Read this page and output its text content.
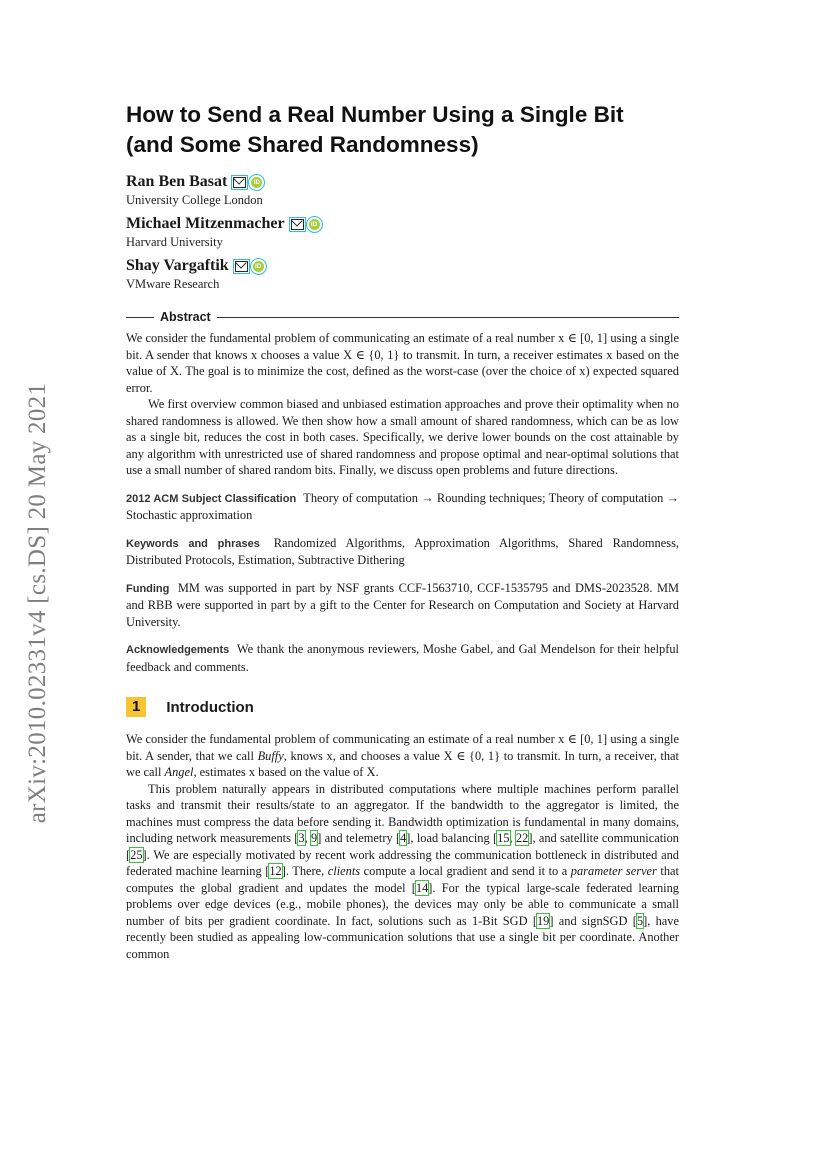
arXiv:2010.02331v4 [cs.DS] 20 May 2021
How to Send a Real Number Using a Single Bit
(and Some Shared Randomness)
Ran Ben Basat	iD
University College London
Michael Mitzenmacher	iD
Harvard University
Shay Vargaftik	iD
VMware Research
Abstract

We consider the fundamental problem of communicating an estimate of a real number x ∈ [0, 1] using a single bit. A sender that knows x chooses a value X ∈ {0, 1} to transmit. In turn, a receiver estimates x based on the value of X. The goal is to minimize the cost, defined as the worst-case (over the choice of x) expected squared error.

We first overview common biased and unbiased estimation approaches and prove their optimality when no shared randomness is allowed. We then show how a small amount of shared randomness, which can be as low as a single bit, reduces the cost in both cases. Specifically, we derive lower bounds on the cost attainable by any algorithm with unrestricted use of shared randomness and propose optimal and near-optimal solutions that use a small number of shared random bits. Finally, we discuss open problems and future directions.

2012 ACM Subject Classification Theory of computation → Rounding techniques; Theory of computation → Stochastic approximation
Keywords and phrases Randomized Algorithms, Approximation Algorithms, Shared Randomness, Distributed Protocols, Estimation, Subtractive Dithering
Funding MM was supported in part by NSF grants CCF-1563710, CCF-1535795 and DMS-2023528. MM and RBB were supported in part by a gift to the Center for Research on Computation and Society at Harvard University.
Acknowledgements We thank the anonymous reviewers, Moshe Gabel, and Gal Mendelson for their helpful feedback and comments.
1	Introduction

We consider the fundamental problem of communicating an estimate of a real number x ∈ [0, 1] using a single bit. A sender, that we call Buffy, knows x, and chooses a value X ∈ {0, 1} to transmit. In turn, a receiver, that we call Angel, estimates x based on the value of X.

This problem naturally appears in distributed computations where multiple machines perform parallel tasks and transmit their results/state to an aggregator. If the bandwidth to the aggregator is limited, the machines must compress the data before sending it. Bandwidth optimization is fundamental in many domains, including network measurements [3, 9] and telemetry [4], load balancing [15, 22], and satellite communication [25]. We are especially motivated by recent work addressing the communication bottleneck in distributed and federated machine learning [12]. There, clients compute a local gradient and send it to a parameter server that computes the global gradient and updates the model [14]. For the typical large-scale federated learning problems over edge devices (e.g., mobile phones), the devices may only be able to communicate a small number of bits per gradient coordinate. In fact, solutions such as 1-Bit SGD [19] and signSGD [5], have recently been studied as appealing low-communication solutions that use a single bit per coordinate. Another common
